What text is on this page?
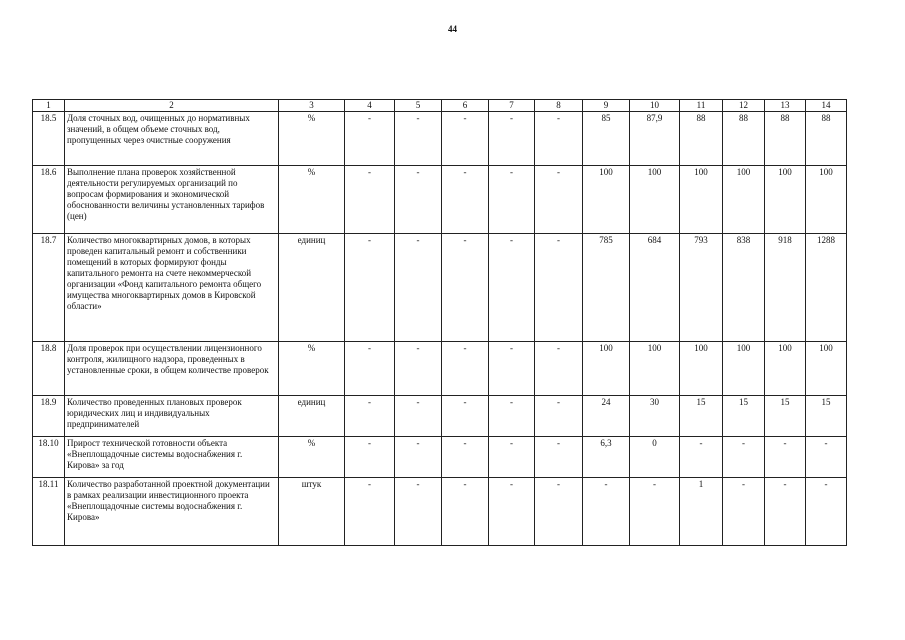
44
1	2	3	4	5	6	7	8	9	10	11	12	13	14
18.5	Доля сточных вод, очищенных до нормативных значений, в общем объеме сточных вод, пропущенных через очистные сооружения	%	-	-	-	-	-	85	87,9	88	88	88	88
18.6	Выполнение плана проверок хозяйственной деятельности регулируемых организаций по вопросам формирования и экономической обоснованности величины установленных тарифов (цен)	%	-	-	-	-	-	100	100	100	100	100	100
18.7	Количество многоквартирных домов, в которых проведен капитальный ремонт и собственники помещений в которых формируют фонды капитального ремонта на счете некоммерческой организации «Фонд капитального ремонта общего имущества многоквартирных домов в Кировской области»	единиц	-	-	-	-	-	785	684	793	838	918	1288
18.8	Доля проверок при осуществлении лицензионного контроля, жилищного надзора, проведенных в установленные сроки, в общем количестве проверок	%	-	-	-	-	-	100	100	100	100	100	100
18.9	Количество проведенных плановых проверок юридических лиц и индивидуальных предпринимателей	единиц	-	-	-	-	-	24	30	15	15	15	15
18.10	Прирост технической готовности объекта «Внеплощадочные системы водоснабжения г. Кирова» за год	%	-	-	-	-	-	6,3	0	-	-	-	-
18.11	Количество разработанной проектной документации в рамках реализации инвестиционного проекта «Внеплощадочные системы водоснабжения г. Кирова»	штук	-	-	-	-	-	-	-	1	-	-	-
